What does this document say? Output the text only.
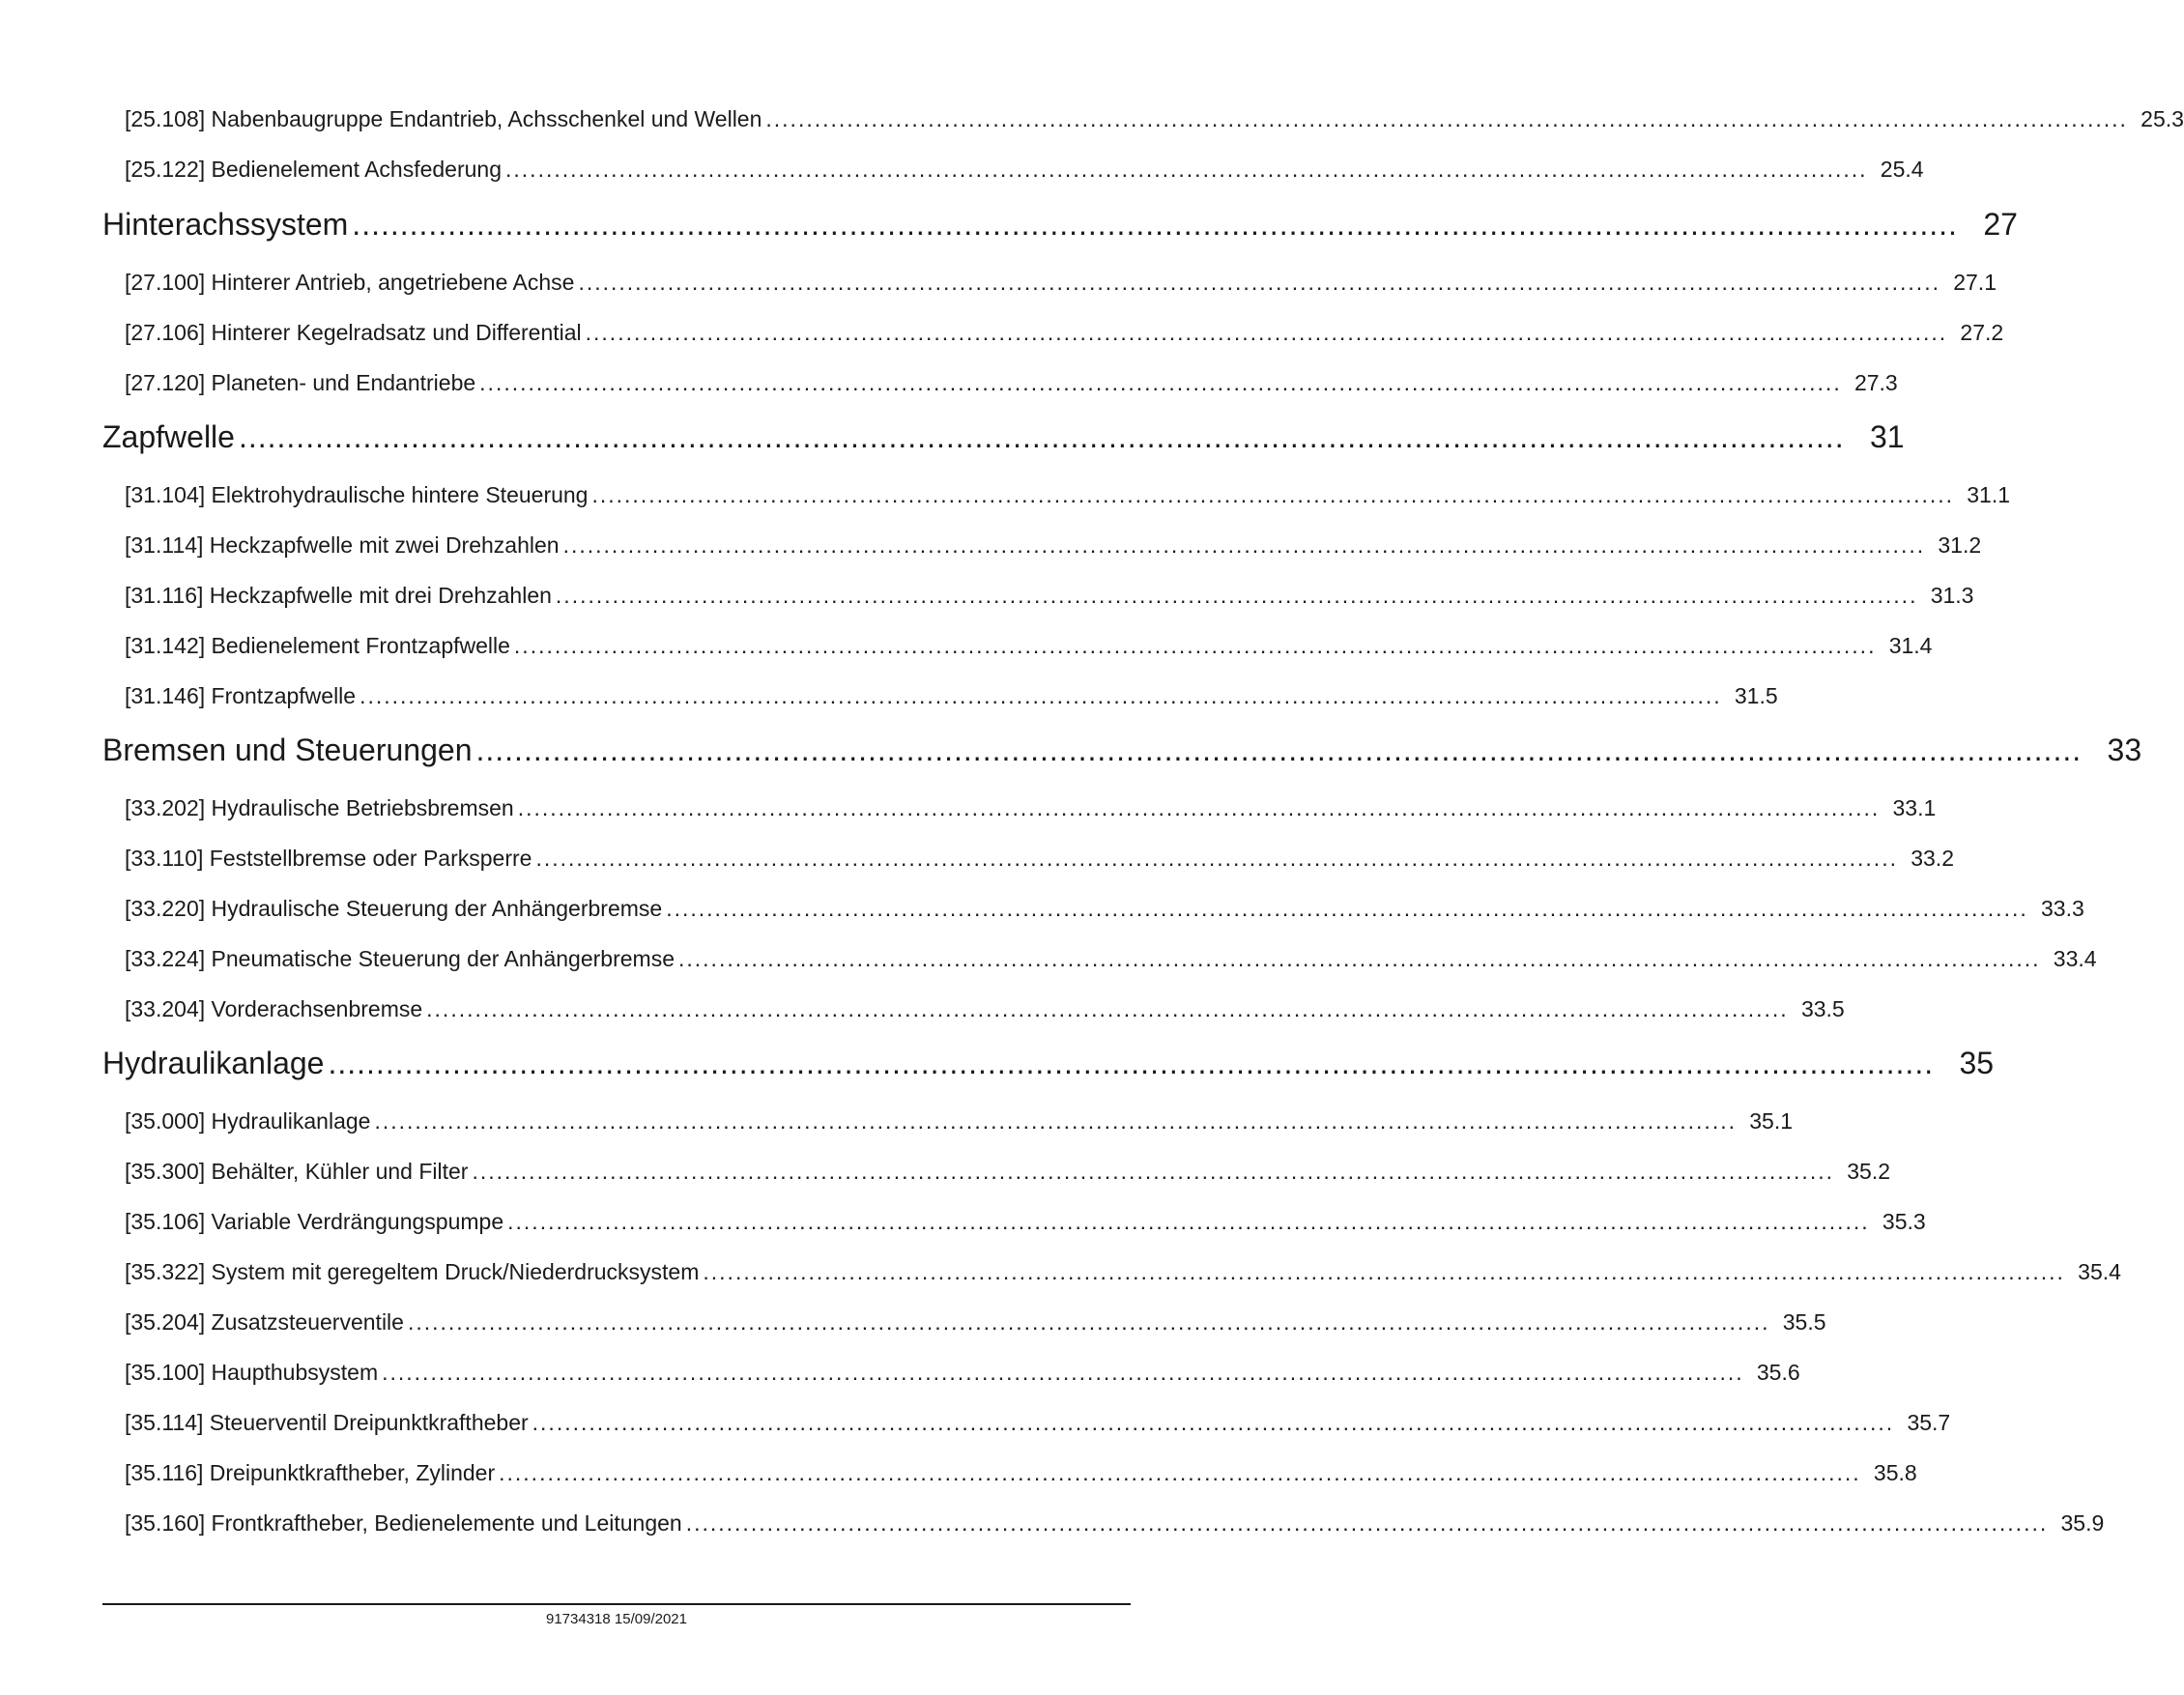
[25.108] Nabenbaugruppe Endantrieb, Achsschenkel und Wellen ........................................................................................................................................................................ 25.3
[25.122] Bedienelement Achsfederung ........................................................................................................................................................................ 25.4
Hinterachssystem ........................................................................................................................................................................ 27
[27.100] Hinterer Antrieb, angetriebene Achse ........................................................................................................................................................................ 27.1
[27.106] Hinterer Kegelradsatz und Differential ........................................................................................................................................................................ 27.2
[27.120] Planeten- und Endantriebe ........................................................................................................................................................................ 27.3
Zapfwelle ........................................................................................................................................................................ 31
[31.104] Elektrohydraulische hintere Steuerung ........................................................................................................................................................................ 31.1
[31.114] Heckzapfwelle mit zwei Drehzahlen ........................................................................................................................................................................ 31.2
[31.116] Heckzapfwelle mit drei Drehzahlen ........................................................................................................................................................................ 31.3
[31.142] Bedienelement Frontzapfwelle ........................................................................................................................................................................ 31.4
[31.146] Frontzapfwelle ........................................................................................................................................................................ 31.5
Bremsen und Steuerungen ........................................................................................................................................................................ 33
[33.202] Hydraulische Betriebsbremsen ........................................................................................................................................................................ 33.1
[33.110] Feststellbremse oder Parksperre ........................................................................................................................................................................ 33.2
[33.220] Hydraulische Steuerung der Anhängerbremse ........................................................................................................................................................................ 33.3
[33.224] Pneumatische Steuerung der Anhängerbremse ........................................................................................................................................................................ 33.4
[33.204] Vorderachsenbremse ........................................................................................................................................................................ 33.5
Hydraulikanlage ........................................................................................................................................................................ 35
[35.000] Hydraulikanlage ........................................................................................................................................................................ 35.1
[35.300] Behälter, Kühler und Filter ........................................................................................................................................................................ 35.2
[35.106] Variable Verdrängungspumpe ........................................................................................................................................................................ 35.3
[35.322] System mit geregeltem Druck/Niederdrucksystem ........................................................................................................................................................................ 35.4
[35.204] Zusatzsteuerventile ........................................................................................................................................................................ 35.5
[35.100] Haupthubsystem ........................................................................................................................................................................ 35.6
[35.114] Steuerventil Dreipunktkraftheber ........................................................................................................................................................................ 35.7
[35.116] Dreipunktkraftheber, Zylinder ........................................................................................................................................................................ 35.8
[35.160] Frontkraftheber, Bedienelemente und Leitungen ........................................................................................................................................................................ 35.9
91734318 15/09/2021
